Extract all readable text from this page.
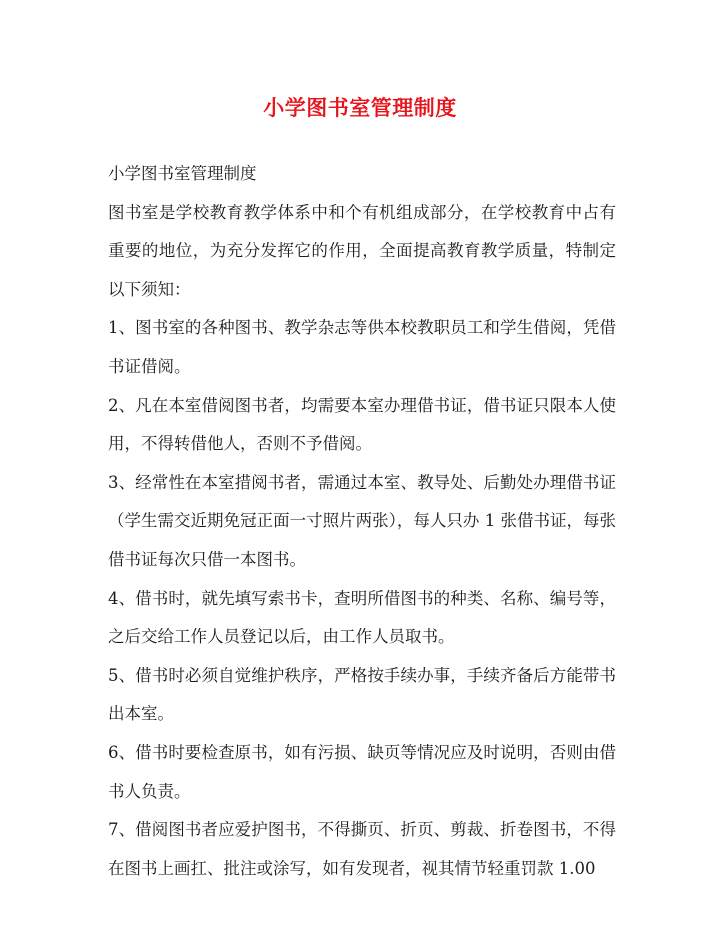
小学图书室管理制度

小学图书室管理制度

图书室是学校教育教学体系中和个有机组成部分，在学校教育中占有重要的地位，为充分发挥它的作用，全面提高教育教学质量，特制定以下须知：

1、图书室的各种图书、教学杂志等供本校教职员工和学生借阅，凭借书证借阅。

2、凡在本室借阅图书者，均需要本室办理借书证，借书证只限本人使用，不得转借他人，否则不予借阅。

3、经常性在本室措阅书者，需通过本室、教导处、后勤处办理借书证（学生需交近期免冠正面一寸照片两张），每人只办 1 张借书证，每张借书证每次只借一本图书。

4、借书时，就先填写索书卡，查明所借图书的种类、名称、编号等，之后交给工作人员登记以后，由工作人员取书。

5、借书时必须自觉维护秩序，严格按手续办事，手续齐备后方能带书出本室。

6、借书时要检查原书，如有污损、缺页等情况应及时说明，否则由借书人负责。

7、借阅图书者应爱护图书，不得撕页、折页、剪裁、折卷图书，不得在图书上画扛、批注或涂写，如有发现者，视其情节轻重罚款 1.00
